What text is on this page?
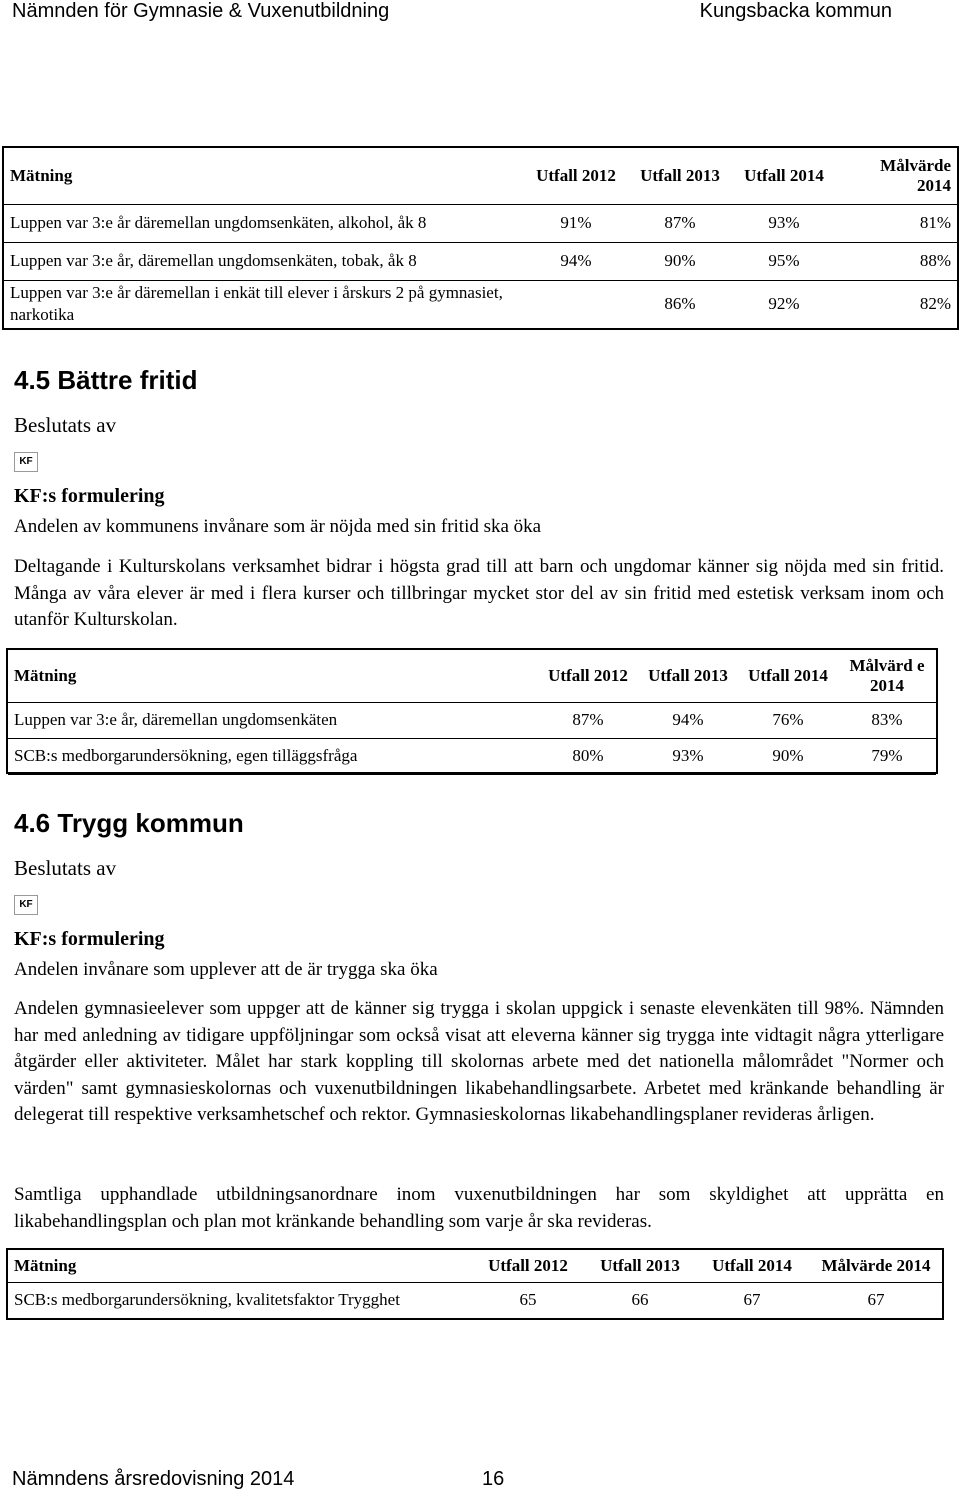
Nämnden för Gymnasie & Vuxenutbildning	Kungsbacka kommun
Mätning	Utfall 2012	Utfall 2013	Utfall 2014	Målvärde 2014
Luppen var 3:e år däremellan ungdomsenkäten, alkohol, åk 8	91%	87%	93%	81%
Luppen var 3:e år, däremellan ungdomsenkäten, tobak, åk 8	94%	90%	95%	88%
Luppen var 3:e år däremellan i enkät till elever i årskurs 2 på gymnasiet, narkotika		86%	92%	82%
4.5 Bättre fritid
Beslutats av
KF
KF:s formulering
Andelen av kommunens invånare som är nöjda med sin fritid ska öka
Deltagande i Kulturskolans verksamhet bidrar i högsta grad till att barn och ungdomar känner sig nöjda med sin fritid. Många av våra elever är med i flera kurser och tillbringar mycket stor del av sin fritid med estetisk verksam inom och utanför Kulturskolan.
Mätning	Utfall 2012	Utfall 2013	Utfall 2014	Målvärd e 2014
Luppen var 3:e år, däremellan ungdomsenkäten	87%	94%	76%	83%
SCB:s medborgarundersökning, egen tilläggsfråga	80%	93%	90%	79%
4.6 Trygg kommun
Beslutats av
KF
KF:s formulering
Andelen invånare som upplever att de är trygga ska öka
Andelen gymnasieelever som uppger att de känner sig trygga i skolan uppgick i senaste elevenkäten till 98%. Nämnden har med anledning av tidigare uppföljningar som också visat att eleverna känner sig trygga inte vidtagit några ytterligare åtgärder eller aktiviteter. Målet har stark koppling till skolornas arbete med det nationella målområdet "Normer och värden" samt gymnasieskolornas och vuxenutbildningen likabehandlingsarbete. Arbetet med kränkande behandling är delegerat till respektive verksamhetschef och rektor. Gymnasieskolornas likabehandlingsplaner revideras årligen.
Samtliga upphandlade utbildningsanordnare inom vuxenutbildningen har som skyldighet att upprätta en likabehandlingsplan och plan mot kränkande behandling som varje år ska revideras.
Mätning	Utfall 2012	Utfall 2013	Utfall 2014	Målvärde 2014
SCB:s medborgarundersökning, kvalitetsfaktor Trygghet	65	66	67	67
Nämndens årsredovisning 2014	16
